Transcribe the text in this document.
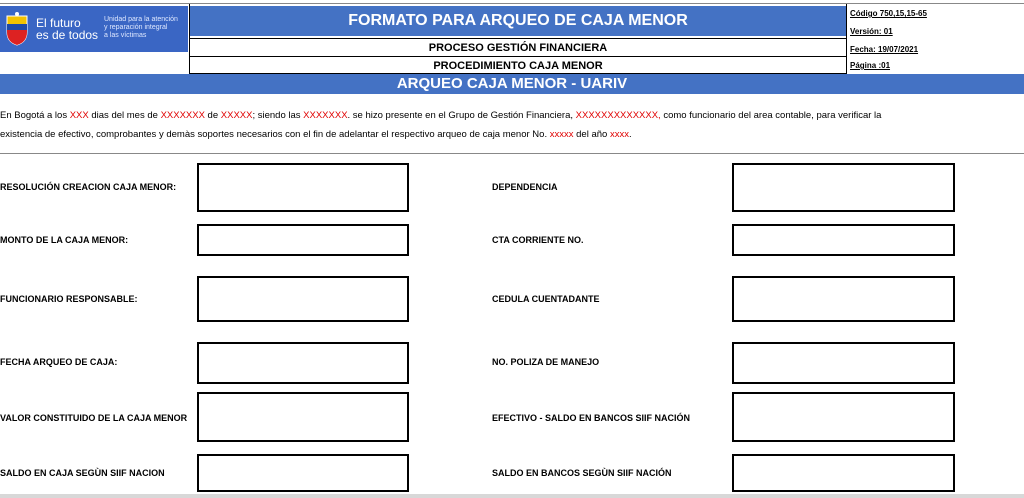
El futuro
es de todos
Unidad para la atención
y reparación integral
a las víctimas
FORMATO PARA ARQUEO DE CAJA MENOR
PROCESO GESTIÓN FINANCIERA
PROCEDIMIENTO CAJA MENOR
Código 750,15,15-65
Versión: 01
Fecha: 19/07/2021
Página :01
ARQUEO CAJA MENOR - UARIV
En Bogotá a los XXX dias del mes de XXXXXXX de XXXXX; siendo las XXXXXXX. se hizo presente en el Grupo de Gestión Financiera, XXXXXXXXXXXXX, como funcionario del area contable, para verificar la
existencia de efectivo, comprobantes y demàs soportes necesarios con el fin de adelantar el respectivo arqueo de caja menor No. xxxxx del año xxxx.
RESOLUCIÓN CREACION CAJA MENOR:
MONTO DE LA CAJA MENOR:
FUNCIONARIO RESPONSABLE:
FECHA ARQUEO DE CAJA:
VALOR CONSTITUIDO DE LA CAJA MENOR
SALDO EN CAJA SEGÙN SIIF NACION
DEPENDENCIA
CTA CORRIENTE NO.
CEDULA CUENTADANTE
NO. POLIZA DE MANEJO
EFECTIVO - SALDO EN BANCOS SIIF NACIÓN
SALDO EN BANCOS SEGÙN SIIF NACIÓN
